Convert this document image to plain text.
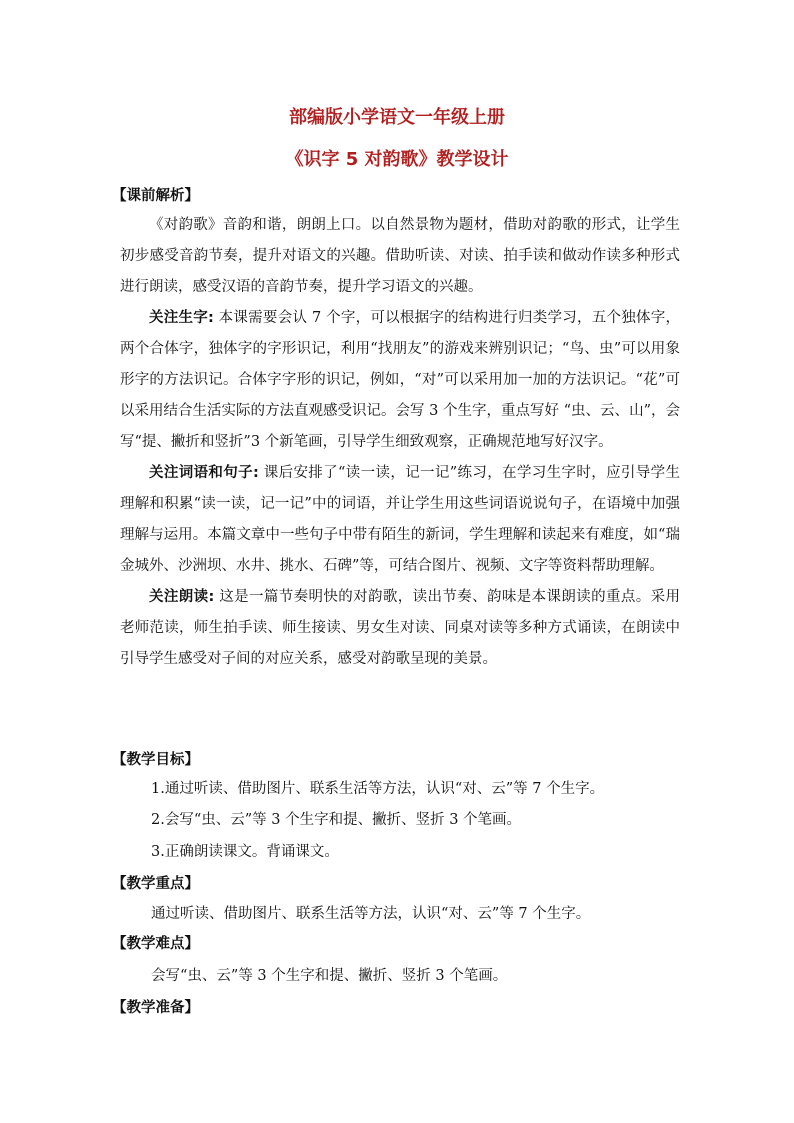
部编版小学语文一年级上册
《识字 5 对韵歌》教学设计
【课前解析】

《对韵歌》音韵和谐，朗朗上口。以自然景物为题材，借助对韵歌的形式，让学生初步感受音韵节奏，提升对语文的兴趣。借助听读、对读、拍手读和做动作读多种形式进行朗读，感受汉语的音韵节奏，提升学习语文的兴趣。

关注生字: 本课需要会认 7 个字，可以根据字的结构进行归类学习，五个独体字，两个合体字，独体字的字形识记，利用“找朋友”的游戏来辨别识记；“鸟、虫”可以用象形字的方法识记。合体字字形的识记，例如，“对”可以采用加一加的方法识记。“花”可以采用结合生活实际的方法直观感受识记。会写 3 个生字，重点写好 “虫、云、山”，会写“提、撇折和竖折”3 个新笔画，引导学生细致观察，正确规范地写好汉字。

关注词语和句子: 课后安排了“读一读，记一记”练习，在学习生字时，应引导学生理解和积累“读一读，记一记”中的词语，并让学生用这些词语说说句子，在语境中加强理解与运用。本篇文章中一些句子中带有陌生的新词，学生理解和读起来有难度，如“瑞金城外、沙洲坝、水井、挑水、石碑”等，可结合图片、视频、文字等资料帮助理解。

关注朗读: 这是一篇节奏明快的对韵歌，读出节奏、韵味是本课朗读的重点。采用老师范读，师生拍手读、师生接读、男女生对读、同桌对读等多种方式诵读，在朗读中引导学生感受对子间的对应关系，感受对韵歌呈现的美景。

【教学目标】
1.通过听读、借助图片、联系生活等方法，认识“对、云”等 7 个生字。
2.会写“虫、云”等 3 个生字和提、撇折、竖折 3 个笔画。
3.正确朗读课文。背诵课文。
【教学重点】
通过听读、借助图片、联系生活等方法，认识“对、云”等 7 个生字。
【教学难点】
会写“虫、云”等 3 个生字和提、撇折、竖折 3 个笔画。
【教学准备】
